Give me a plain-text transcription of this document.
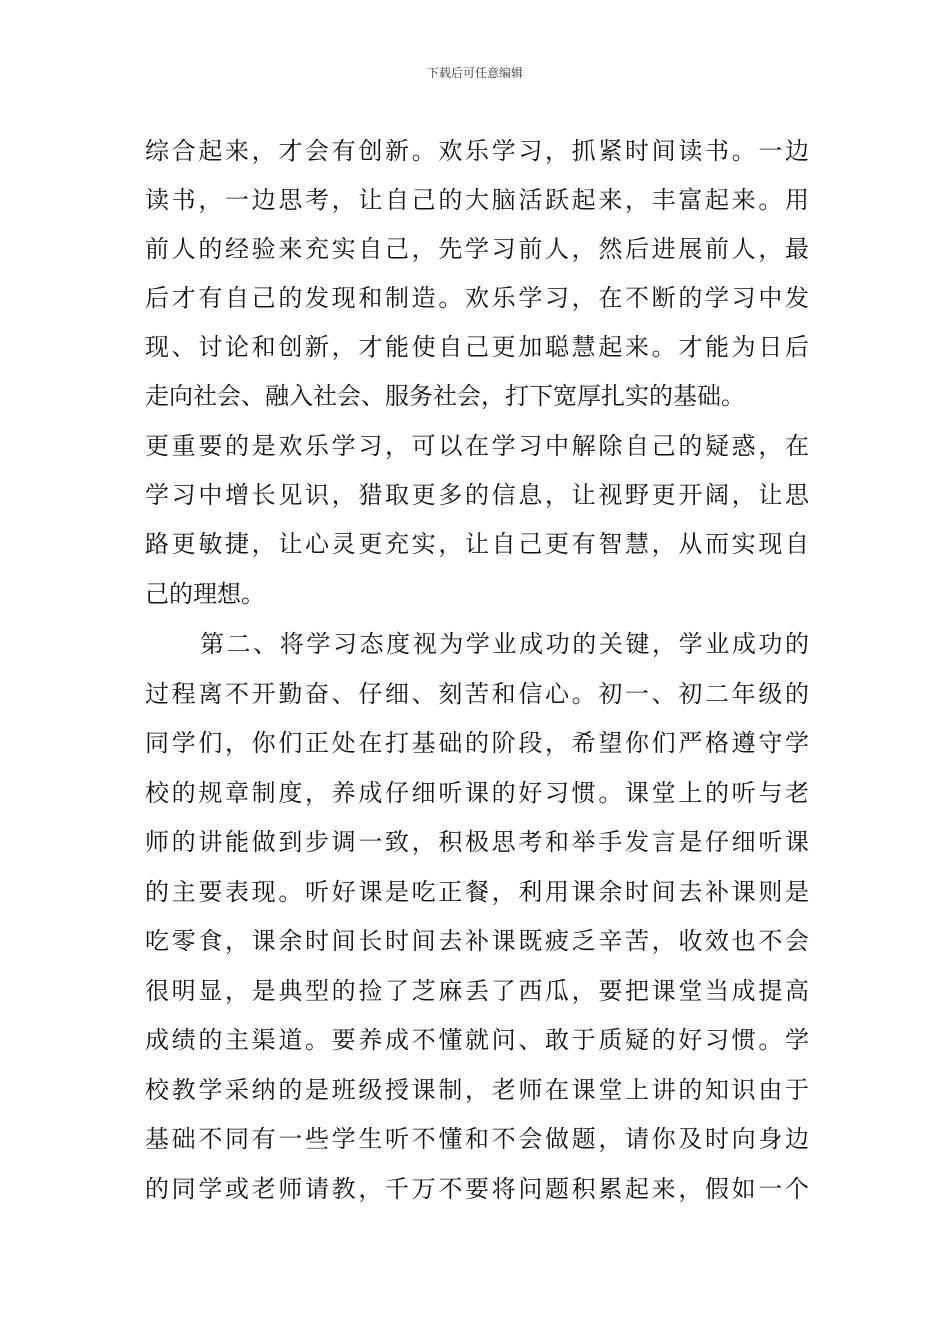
下载后可任意编辑
综合起来，才会有创新。欢乐学习，抓紧时间读书。一边
读书，一边思考，让自己的大脑活跃起来，丰富起来。用
前人的经验来充实自己，先学习前人，然后进展前人，最
后才有自己的发现和制造。欢乐学习，在不断的学习中发
现、讨论和创新，才能使自己更加聪慧起来。才能为日后
走向社会、融入社会、服务社会，打下宽厚扎实的基础。
更重要的是欢乐学习，可以在学习中解除自己的疑惑，在
学习中增长见识，猎取更多的信息，让视野更开阔，让思
路更敏捷，让心灵更充实，让自己更有智慧，从而实现自
己的理想。
第二、将学习态度视为学业成功的关键，学业成功的
过程离不开勤奋、仔细、刻苦和信心。初一、初二年级的
同学们，你们正处在打基础的阶段，希望你们严格遵守学
校的规章制度，养成仔细听课的好习惯。课堂上的听与老
师的讲能做到步调一致，积极思考和举手发言是仔细听课
的主要表现。听好课是吃正餐，利用课余时间去补课则是
吃零食，课余时间长时间去补课既疲乏辛苦，收效也不会
很明显，是典型的捡了芝麻丢了西瓜，要把课堂当成提高
成绩的主渠道。要养成不懂就问、敢于质疑的好习惯。学
校教学采纳的是班级授课制，老师在课堂上讲的知识由于
基础不同有一些学生听不懂和不会做题，请你及时向身边
的同学或老师请教，千万不要将问题积累起来，假如一个
